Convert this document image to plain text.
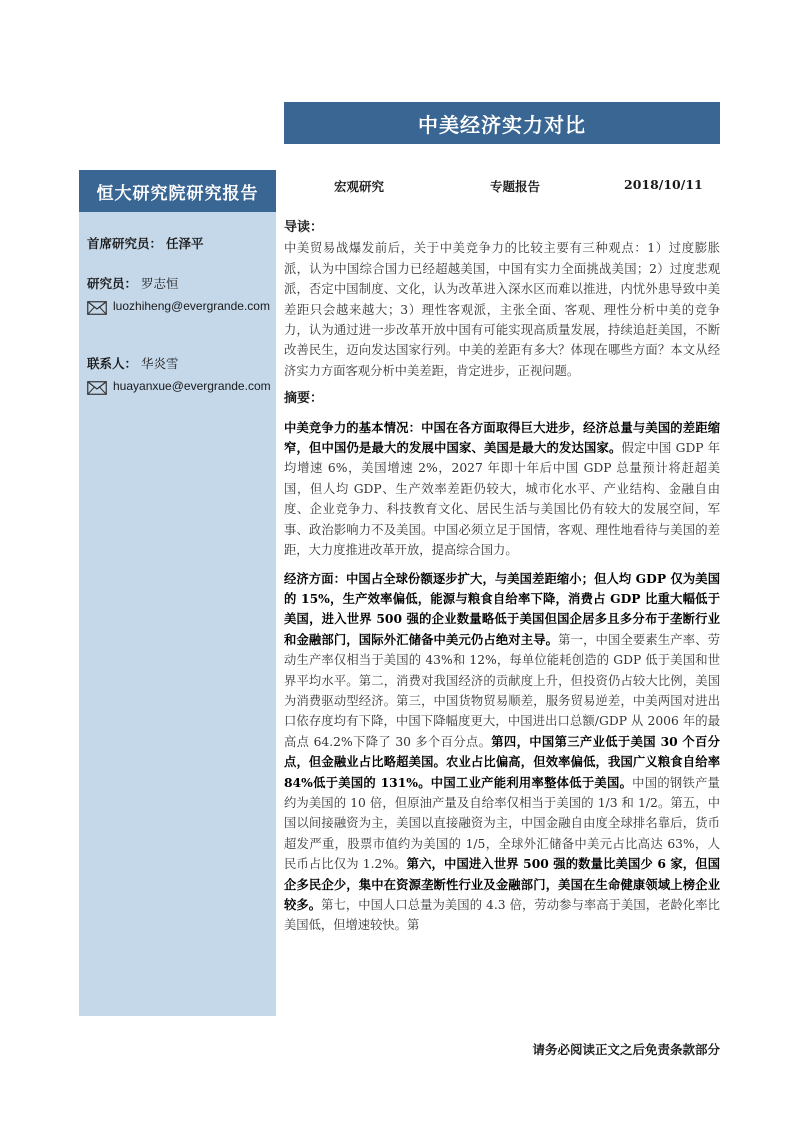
中美经济实力对比
宏观研究	专题报告	2018/10/11
恒大研究院研究报告
首席研究员： 任泽平
研究员： 罗志恒
luozhiheng@evergrande.com
联系人： 华炎雪
huayanxue@evergrande.com

导读：

中美贸易战爆发前后，关于中美竞争力的比较主要有三种观点：1）过度膨胀派，认为中国综合国力已经超越美国，中国有实力全面挑战美国；2）过度悲观派，否定中国制度、文化，认为改革进入深水区而难以推进，内忧外患导致中美差距只会越来越大；3）理性客观派，主张全面、客观、理性分析中美的竞争力，认为通过进一步改革开放中国有可能实现高质量发展，持续追赶美国，不断改善民生，迈向发达国家行列。中美的差距有多大？体现在哪些方面？本文从经济实力方面客观分析中美差距，肯定进步，正视问题。

摘要：

中美竞争力的基本情况：中国在各方面取得巨大进步，经济总量与美国的差距缩窄，但中国仍是最大的发展中国家、美国是最大的发达国家。假定中国 GDP 年均增速 6%，美国增速 2%，2027 年即十年后中国 GDP 总量预计将赶超美国，但人均 GDP、生产效率差距仍较大，城市化水平、产业结构、金融自由度、企业竞争力、科技教育文化、居民生活与美国比仍有较大的发展空间，军事、政治影响力不及美国。中国必须立足于国情，客观、理性地看待与美国的差距，大力度推进改革开放，提高综合国力。

经济方面：中国占全球份额逐步扩大，与美国差距缩小；但人均 GDP 仅为美国的 15%，生产效率偏低，能源与粮食自给率下降，消费占 GDP 比重大幅低于美国，进入世界 500 强的企业数量略低于美国但国企居多且多分布于垄断行业和金融部门，国际外汇储备中美元仍占绝对主导。第一，中国全要素生产率、劳动生产率仅相当于美国的 43%和 12%，每单位能耗创造的 GDP 低于美国和世界平均水平。第二，消费对我国经济的贡献度上升，但投资仍占较大比例，美国为消费驱动型经济。第三，中国货物贸易顺差，服务贸易逆差，中美两国对进出口依存度均有下降，中国下降幅度更大，中国进出口总额/GDP 从 2006 年的最高点 64.2%下降了 30 多个百分点。第四，中国第三产业低于美国 30 个百分点，但金融业占比略超美国。农业占比偏高，但效率偏低，我国广义粮食自给率 84%低于美国的 131%。中国工业产能利用率整体低于美国。中国的钢铁产量约为美国的 10 倍，但原油产量及自给率仅相当于美国的 1/3 和 1/2。第五，中国以间接融资为主，美国以直接融资为主，中国金融自由度全球排名靠后，货币超发严重，股票市值约为美国的 1/5，全球外汇储备中美元占比高达 63%，人民币占比仅为 1.2%。第六，中国进入世界 500 强的数量比美国少 6 家，但国企多民企少，集中在资源垄断性行业及金融部门，美国在生命健康领域上榜企业较多。第七，中国人口总量为美国的 4.3 倍，劳动参与率高于美国，老龄化率比美国低，但增速较快。第

请务必阅读正文之后免责条款部分
